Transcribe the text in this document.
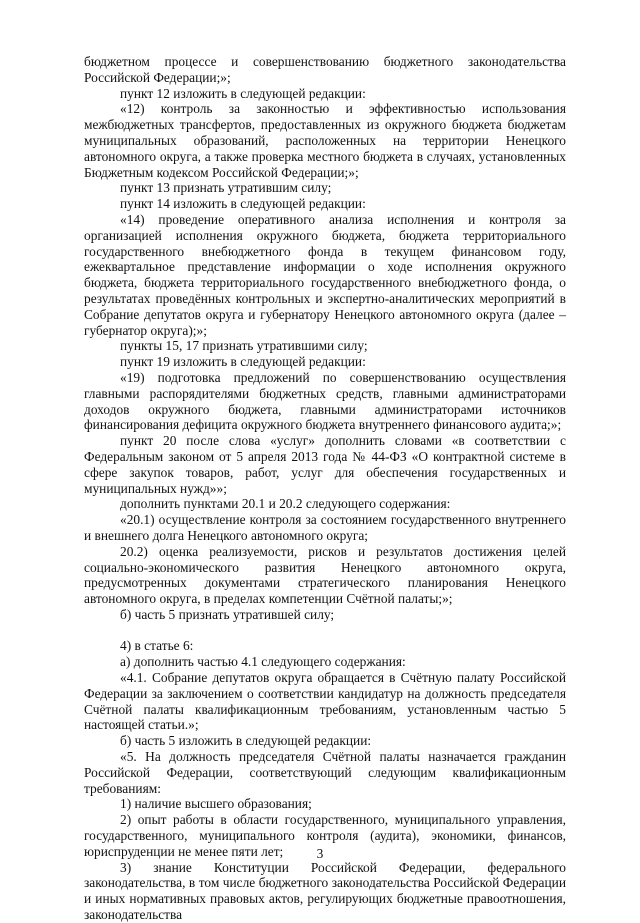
бюджетном процессе и совершенствованию бюджетного законодательства Российской Федерации;»;

пункт 12 изложить в следующей редакции:

«12) контроль за законностью и эффективностью использования межбюджетных трансфертов, предоставленных из окружного бюджета бюджетам муниципальных образований, расположенных на территории Ненецкого автономного округа, а также проверка местного бюджета в случаях, установленных Бюджетным кодексом Российской Федерации;»;

пункт 13 признать утратившим силу;

пункт 14 изложить в следующей редакции:

«14) проведение оперативного анализа исполнения и контроля за организацией исполнения окружного бюджета, бюджета территориального государственного внебюджетного фонда в текущем финансовом году, ежеквартальное представление информации о ходе исполнения окружного бюджета, бюджета территориального государственного внебюджетного фонда, о результатах проведённых контрольных и экспертно-аналитических мероприятий в Собрание депутатов округа и губернатору Ненецкого автономного округа (далее – губернатор округа);»;

пункты 15, 17 признать утратившими силу;

пункт 19 изложить в следующей редакции:

«19) подготовка предложений по совершенствованию осуществления главными распорядителями бюджетных средств, главными администраторами доходов окружного бюджета, главными администраторами источников финансирования дефицита окружного бюджета внутреннего финансового аудита;»;

пункт 20 после слова «услуг» дополнить словами «в соответствии с Федеральным законом от 5 апреля 2013 года № 44-ФЗ «О контрактной системе в сфере закупок товаров, работ, услуг для обеспечения государственных и муниципальных нужд»»;

дополнить пунктами 20.1 и 20.2 следующего содержания:

«20.1) осуществление контроля за состоянием государственного внутреннего и внешнего долга Ненецкого автономного округа;

20.2) оценка реализуемости, рисков и результатов достижения целей социально-экономического развития Ненецкого автономного округа, предусмотренных документами стратегического планирования Ненецкого автономного округа, в пределах компетенции Счётной палаты;»;

б) часть 5 признать утратившей силу;

4) в статье 6:

а) дополнить частью 4.1 следующего содержания:

«4.1. Собрание депутатов округа обращается в Счётную палату Российской Федерации за заключением о соответствии кандидатур на должность председателя Счётной палаты квалификационным требованиям, установленным частью 5 настоящей статьи.»;

б) часть 5 изложить в следующей редакции:

«5. На должность председателя Счётной палаты назначается гражданин Российской Федерации, соответствующий следующим квалификационным требованиям:

1) наличие высшего образования;

2) опыт работы в области государственного, муниципального управления, государственного, муниципального контроля (аудита), экономики, финансов, юриспруденции не менее пяти лет;

3) знание Конституции Российской Федерации, федерального законодательства, в том числе бюджетного законодательства Российской Федерации и иных нормативных правовых актов, регулирующих бюджетные правоотношения, законодательства

3
